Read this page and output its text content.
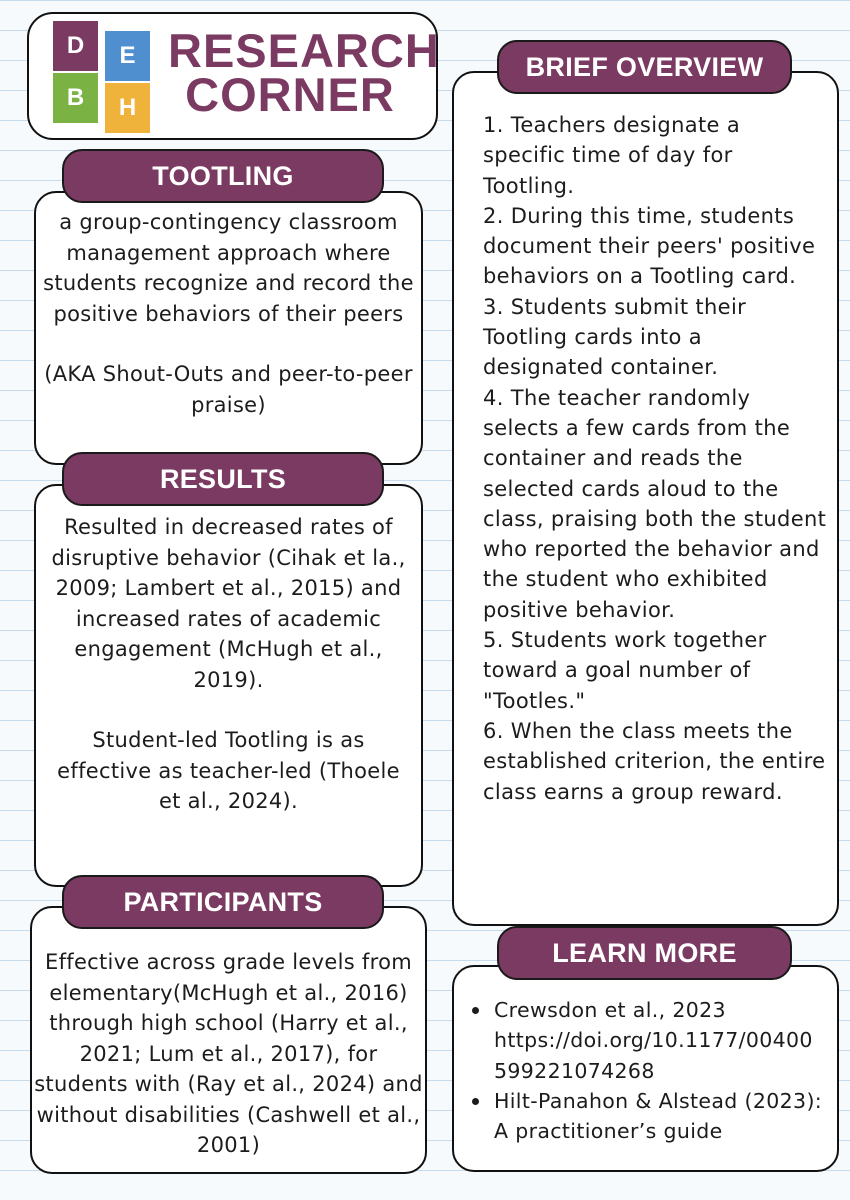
D	E
B	H
RESEARCH
CORNER
TOOTLING

a group-contingency classroom management approach where students recognize and record the positive behaviors of their peers

(AKA Shout-Outs and peer-to-peer praise)

RESULTS

Resulted in decreased rates of disruptive behavior (Cihak et la., 2009; Lambert et al., 2015) and increased rates of academic engagement (McHugh et al., 2019).

Student-led Tootling is as effective as teacher-led (Thoele et al., 2024).

PARTICIPANTS
Effective across grade levels from elementary(McHugh et al., 2016) through high school (Harry et al., 2021; Lum et al., 2017), for students with (Ray et al., 2024) and without disabilities (Cashwell et al., 2001)
BRIEF OVERVIEW

1. Teachers designate a specific time of day for Tootling.

2. During this time, students document their peers' positive behaviors on a Tootling card.

3. Students submit their Tootling cards into a designated container.

4. The teacher randomly selects a few cards from the container and reads the selected cards aloud to the class, praising both the student who reported the behavior and the student who exhibited positive behavior.

5. Students work together toward a goal number of "Tootles."

6. When the class meets the established criterion, the entire class earns a group reward.

LEARN MORE
Crewsdon et al., 2023
https://doi.org/10.1177/00400599221074268
Hilt-Panahon & Alstead (2023): A practitioner’s guide
